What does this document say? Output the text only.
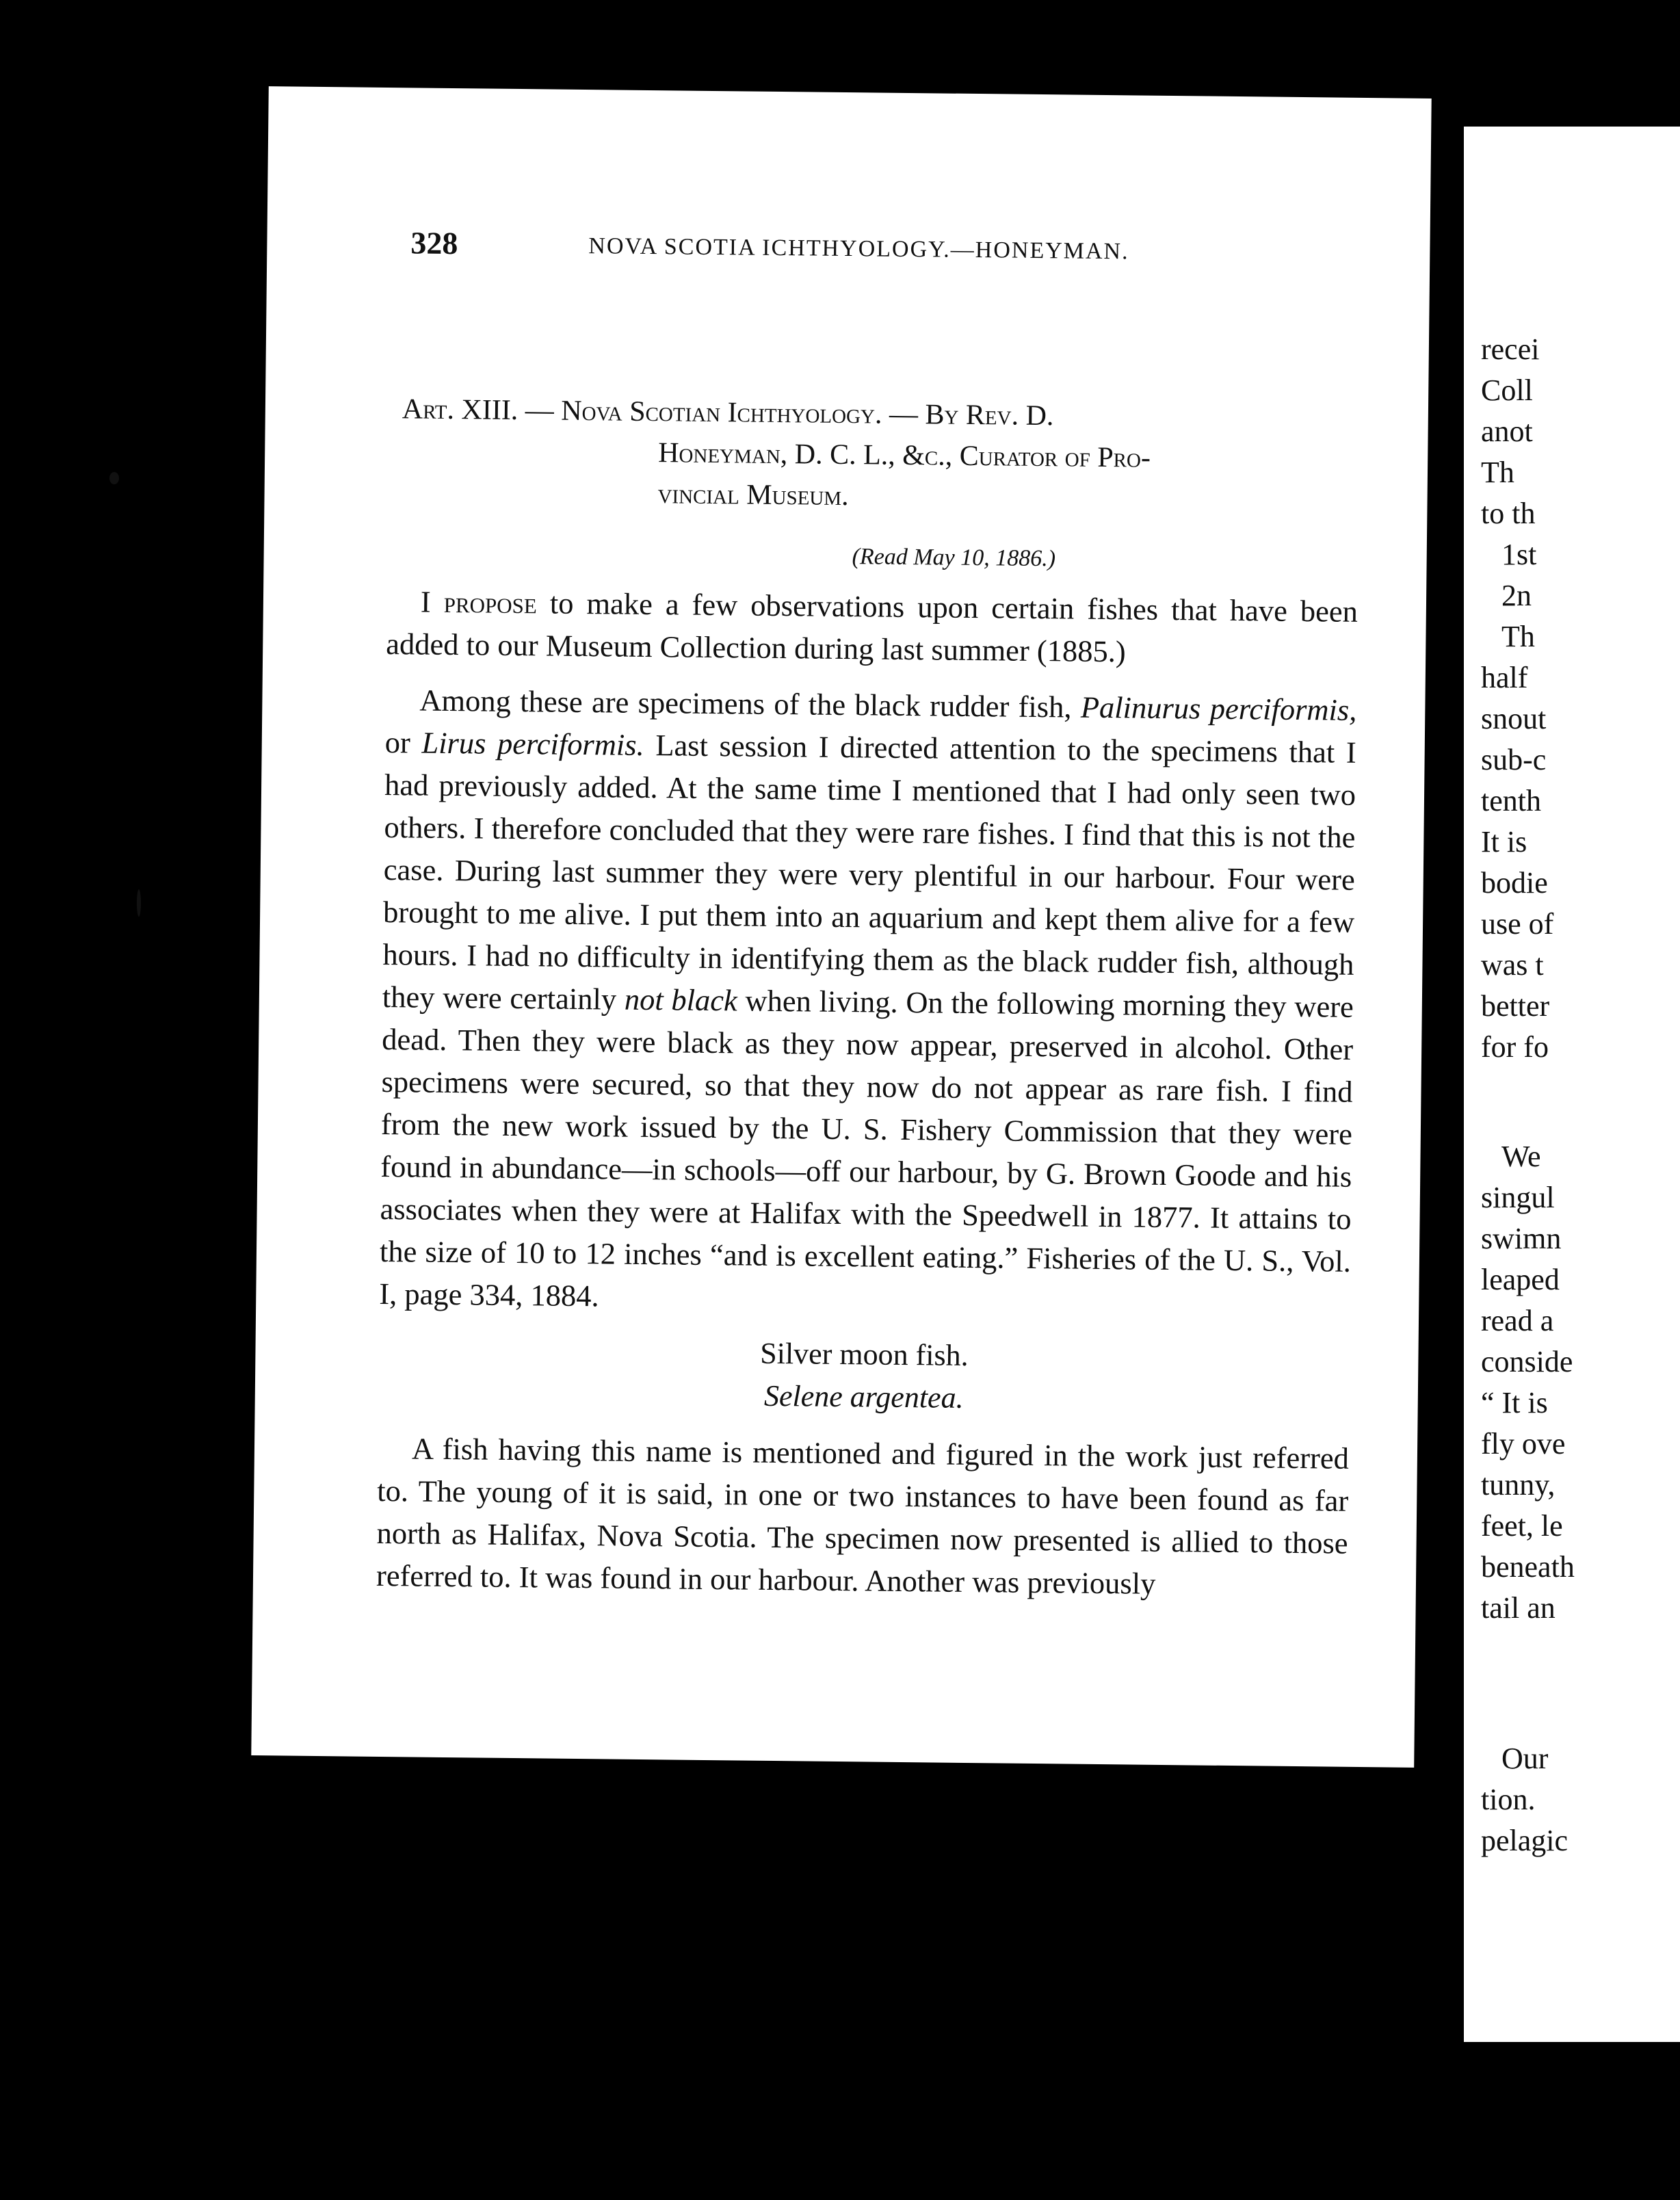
328	NOVA SCOTIA ICHTHYOLOGY.—HONEYMAN.
Art. XIII. — Nova Scotian Ichthyology. — By Rev. D.
Honeyman, D. C. L., &c., Curator of Pro-
vincial Museum.
(Read May 10, 1886.)

I propose to make a few observations upon certain fishes that have been added to our Museum Collection during last summer (1885.)

Among these are specimens of the black rudder fish, Palinurus perciformis, or Lirus perciformis. Last session I directed attention to the specimens that I had previously added. At the same time I mentioned that I had only seen two others. I therefore concluded that they were rare fishes. I find that this is not the case. During last summer they were very plentiful in our harbour. Four were brought to me alive. I put them into an aquarium and kept them alive for a few hours. I had no difficulty in identifying them as the black rudder fish, although they were certainly not black when living. On the following morning they were dead. Then they were black as they now appear, preserved in alcohol. Other specimens were secured, so that they now do not appear as rare fish. I find from the new work issued by the U. S. Fishery Commission that they were found in abundance—in schools—off our harbour, by G. Brown Goode and his associates when they were at Halifax with the Speedwell in 1877. It attains to the size of 10 to 12 inches “and is excellent eating.” Fisheries of the U. S., Vol. I, page 334, 1884.

Silver moon fish.
Selene argentea.

A fish having this name is mentioned and figured in the work just referred to. The young of it is said, in one or two instances to have been found as far north as Halifax, Nova Scotia. The specimen now presented is allied to those referred to. It was found in our harbour. Another was previously

recei
Coll
anot
Th
to th
1st
2n
Th
half
snout
sub-c
tenth
It is
bodie
use of
was t
better
for fo
We
singul
swimn
leaped
read a
conside
“ It is
fly ove
tunny,
feet, le
beneath
tail an
Our
tion.
pelagic
